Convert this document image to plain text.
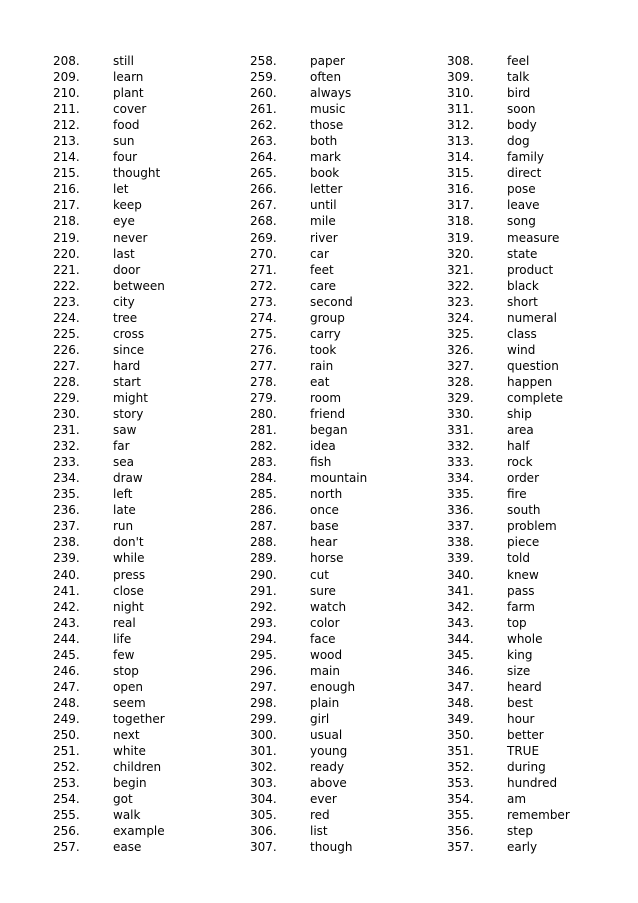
208.	still
209.	learn
210.	plant
211.	cover
212.	food
213.	sun
214.	four
215.	thought
216.	let
217.	keep
218.	eye
219.	never
220.	last
221.	door
222.	between
223.	city
224.	tree
225.	cross
226.	since
227.	hard
228.	start
229.	might
230.	story
231.	saw
232.	far
233.	sea
234.	draw
235.	left
236.	late
237.	run
238.	don't
239.	while
240.	press
241.	close
242.	night
243.	real
244.	life
245.	few
246.	stop
247.	open
248.	seem
249.	together
250.	next
251.	white
252.	children
253.	begin
254.	got
255.	walk
256.	example
257.	ease
258.	paper
259.	often
260.	always
261.	music
262.	those
263.	both
264.	mark
265.	book
266.	letter
267.	until
268.	mile
269.	river
270.	car
271.	feet
272.	care
273.	second
274.	group
275.	carry
276.	took
277.	rain
278.	eat
279.	room
280.	friend
281.	began
282.	idea
283.	fish
284.	mountain
285.	north
286.	once
287.	base
288.	hear
289.	horse
290.	cut
291.	sure
292.	watch
293.	color
294.	face
295.	wood
296.	main
297.	enough
298.	plain
299.	girl
300.	usual
301.	young
302.	ready
303.	above
304.	ever
305.	red
306.	list
307.	though
308.	feel
309.	talk
310.	bird
311.	soon
312.	body
313.	dog
314.	family
315.	direct
316.	pose
317.	leave
318.	song
319.	measure
320.	state
321.	product
322.	black
323.	short
324.	numeral
325.	class
326.	wind
327.	question
328.	happen
329.	complete
330.	ship
331.	area
332.	half
333.	rock
334.	order
335.	fire
336.	south
337.	problem
338.	piece
339.	told
340.	knew
341.	pass
342.	farm
343.	top
344.	whole
345.	king
346.	size
347.	heard
348.	best
349.	hour
350.	better
351.	TRUE
352.	during
353.	hundred
354.	am
355.	remember
356.	step
357.	early
